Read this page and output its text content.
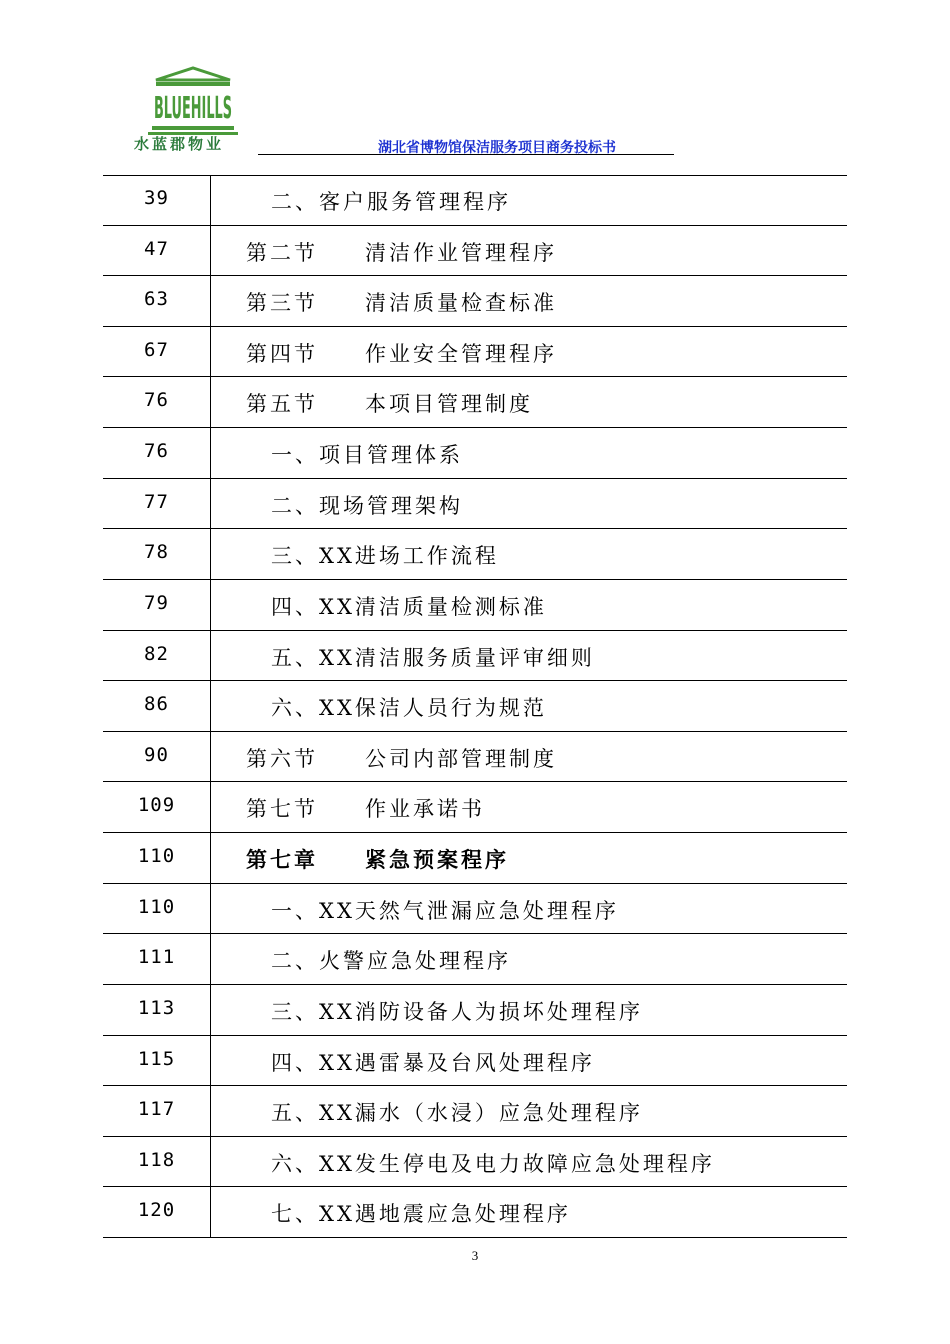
BLUEHILLS
水蓝郡物业	湖北省博物馆保洁服务项目商务投标书
39	二、客户服务管理程序
47	第二节 清洁作业管理程序
63	第三节 清洁质量检查标准
67	第四节 作业安全管理程序
76	第五节 本项目管理制度
76	一、项目管理体系
77	二、现场管理架构
78	三、XX进场工作流程
79	四、XX清洁质量检测标准
82	五、XX清洁服务质量评审细则
86	六、XX保洁人员行为规范
90	第六节 公司内部管理制度
109	第七节 作业承诺书
110	第七章 紧急预案程序
110	一、XX天然气泄漏应急处理程序
111	二、火警应急处理程序
113	三、XX消防设备人为损坏处理程序
115	四、XX遇雷暴及台风处理程序
117	五、XX漏水（水浸）应急处理程序
118	六、XX发生停电及电力故障应急处理程序
120	七、XX遇地震应急处理程序
3
